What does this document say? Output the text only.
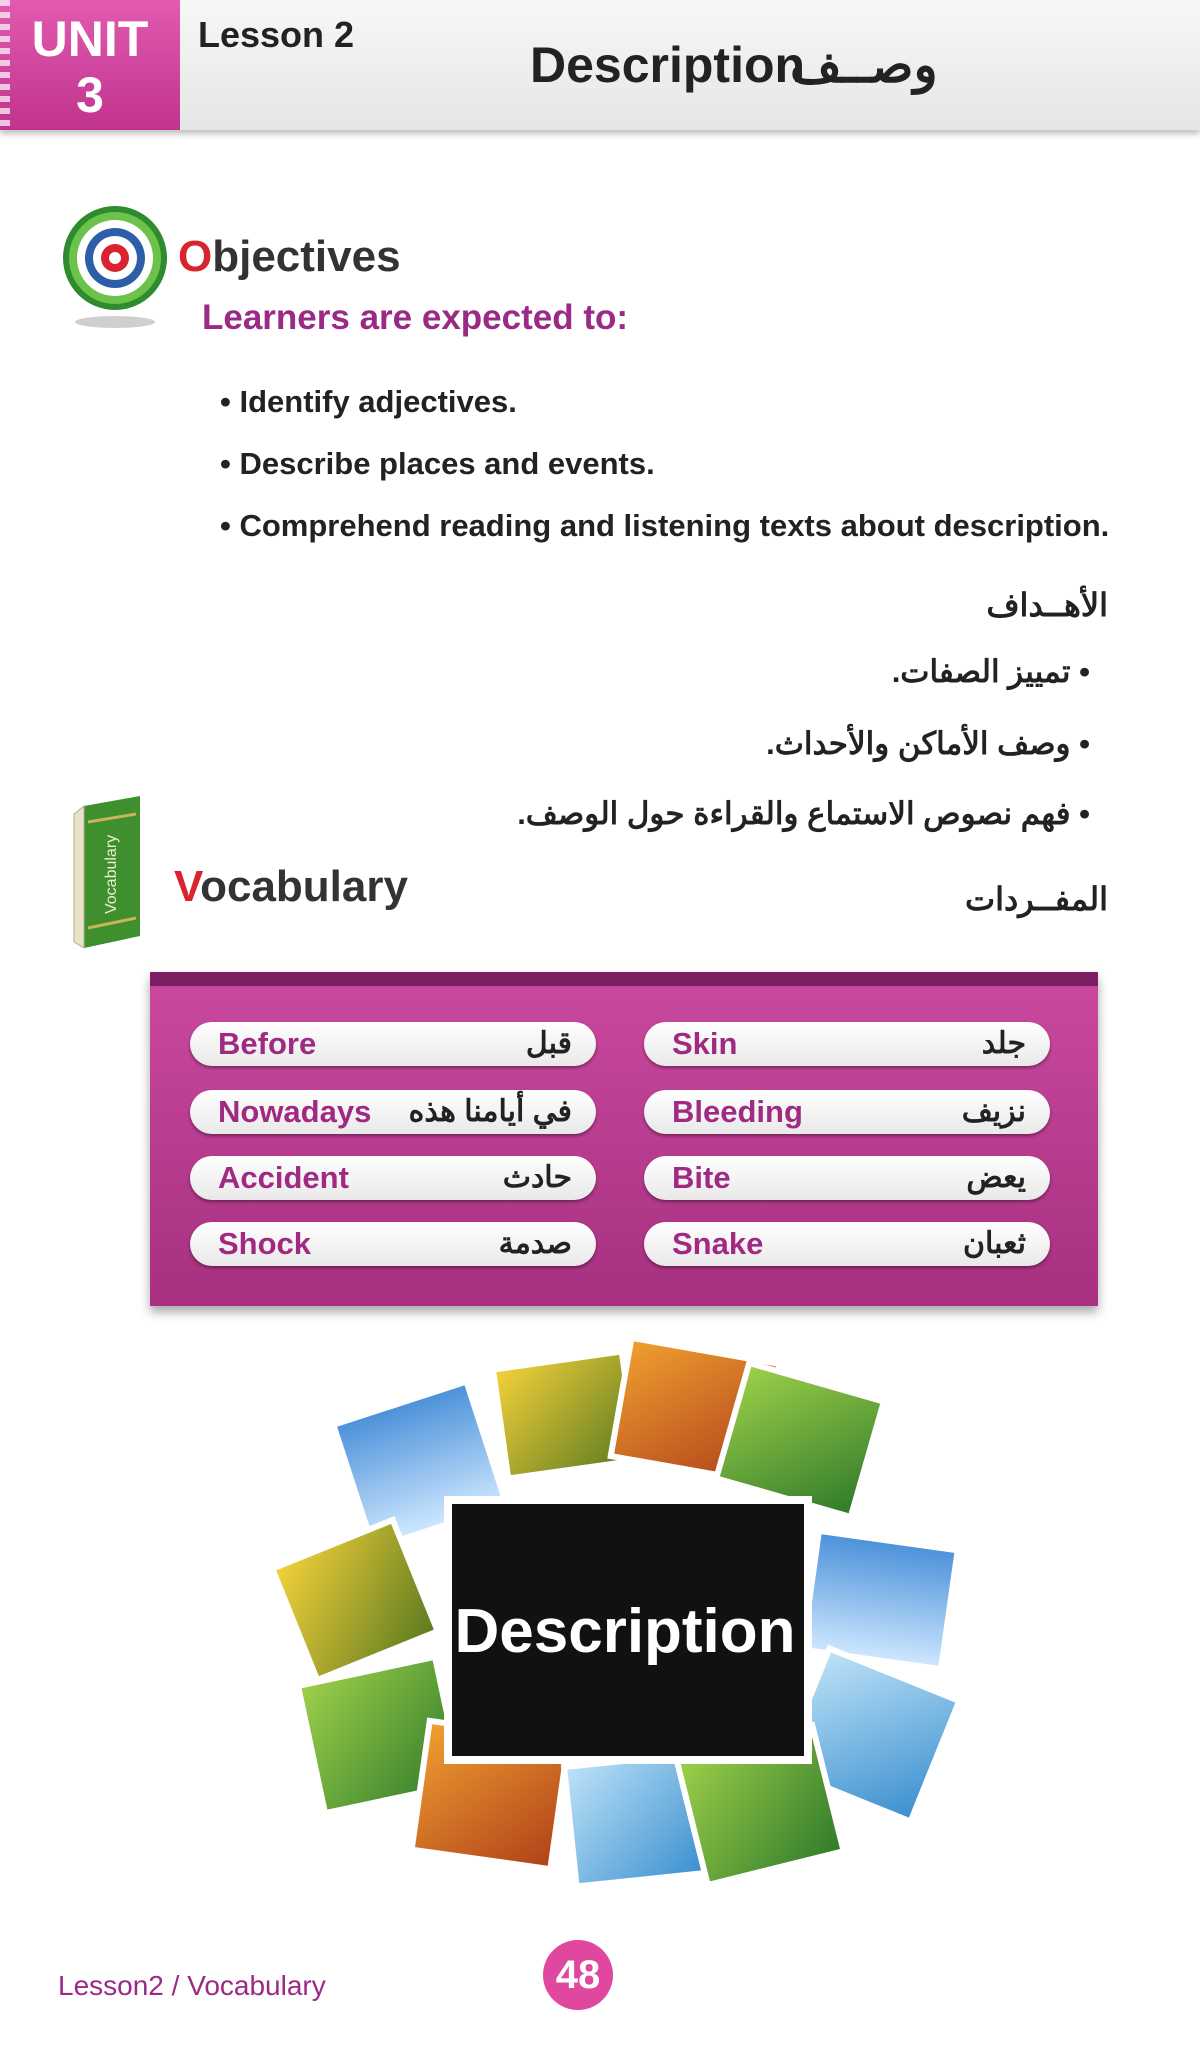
UNIT
3
Lesson 2
Description
وصــف
Objectives
Learners are expected to:
• Identify adjectives.
• Describe places and events.
• Comprehend reading and listening texts about description.
الأهــداف
• تمييز الصفات.
• وصف الأماكن والأحداث.
• فهم نصوص الاستماع والقراءة حول الوصف.
Vocabulary Vocabulary	المفــردات
Before	قبل
Nowadays في أيامنا هذه
Accident	حادث
Shock	صدمة
Skin	جلد
Bleeding	نزيف
Bite	يعض
Snake	ثعبان
Description
Lesson2 / Vocabulary	48
